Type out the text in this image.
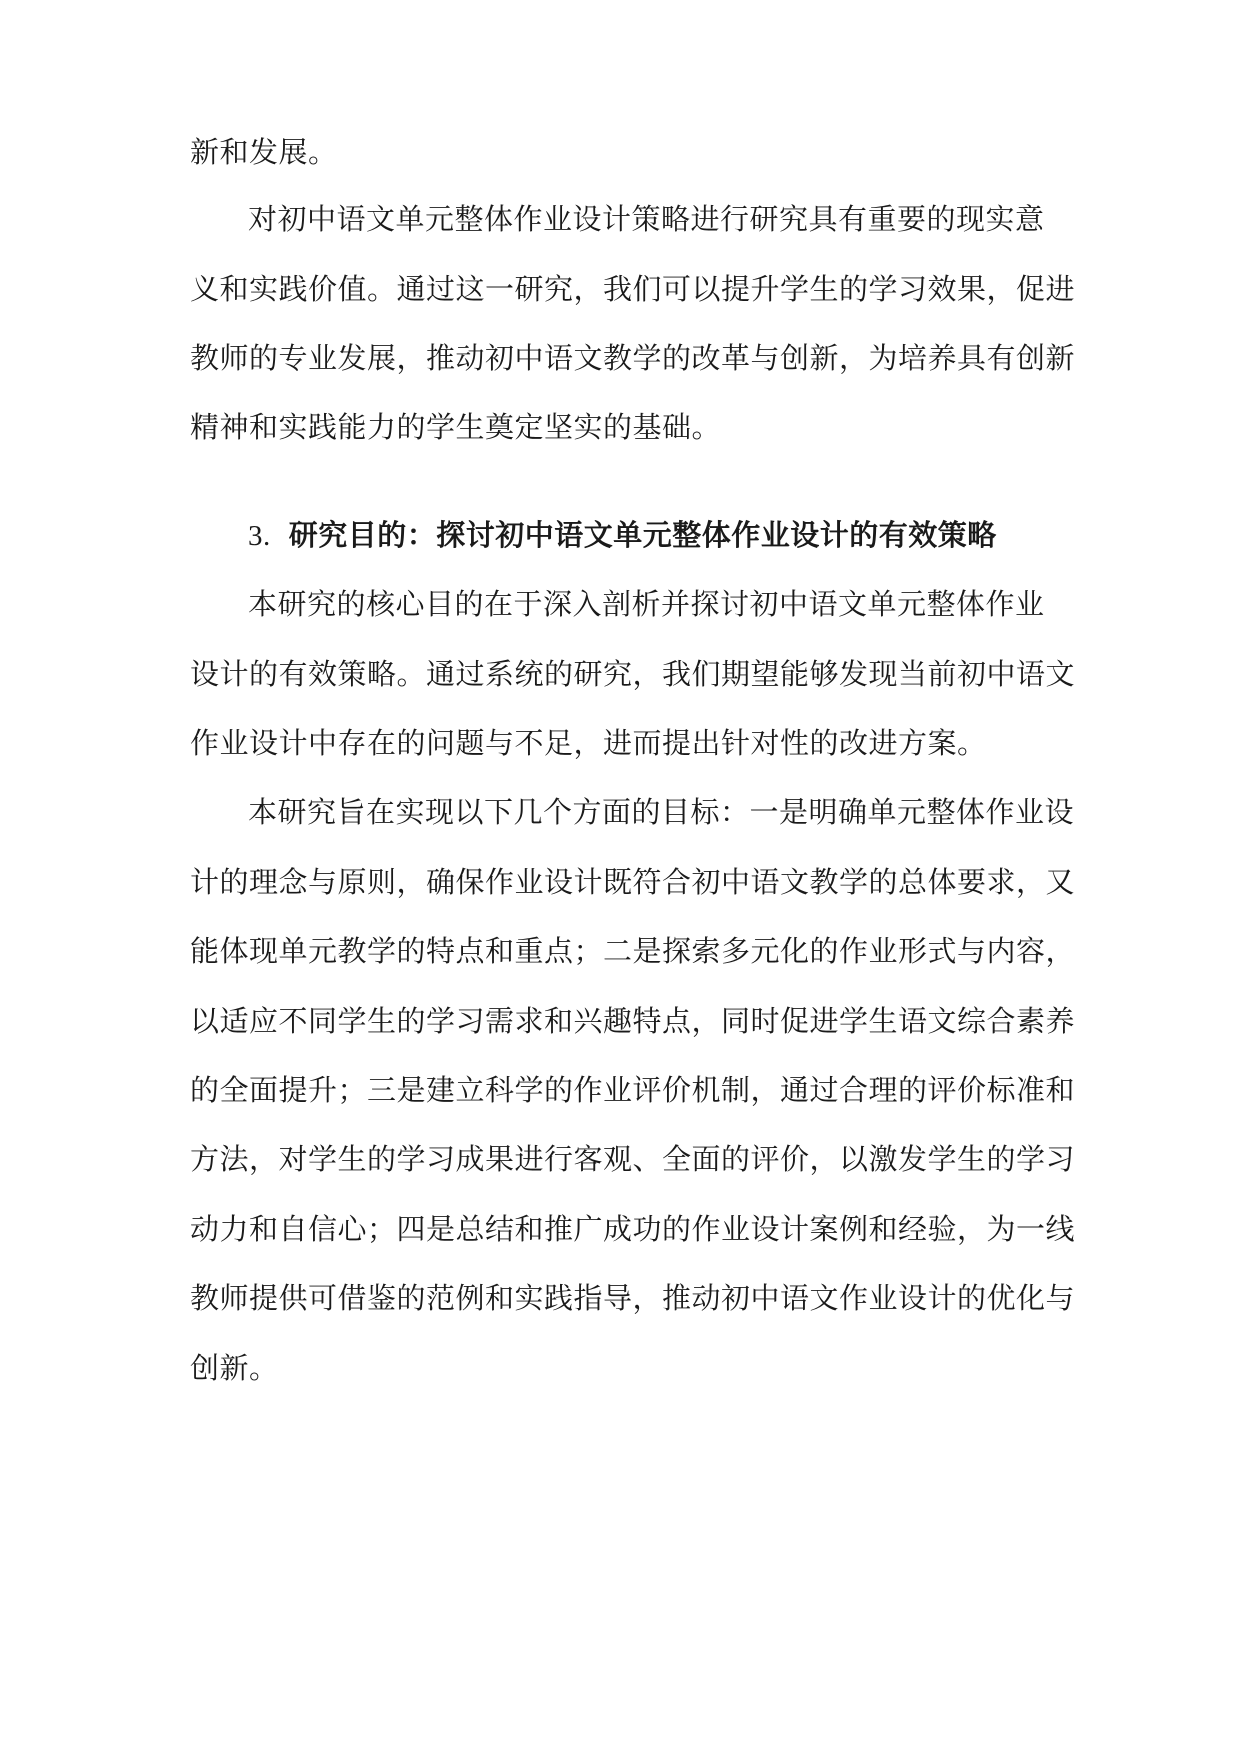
新和发展。
对初中语文单元整体作业设计策略进行研究具有重要的现实意
义和实践价值。通过这一研究，我们可以提升学生的学习效果，促进
教师的专业发展，推动初中语文教学的改革与创新，为培养具有创新
精神和实践能力的学生奠定坚实的基础。
3. 研究目的：探讨初中语文单元整体作业设计的有效策略
本研究的核心目的在于深入剖析并探讨初中语文单元整体作业
设计的有效策略。通过系统的研究，我们期望能够发现当前初中语文
作业设计中存在的问题与不足，进而提出针对性的改进方案。
本研究旨在实现以下几个方面的目标：一是明确单元整体作业设
计的理念与原则，确保作业设计既符合初中语文教学的总体要求，又
能体现单元教学的特点和重点；二是探索多元化的作业形式与内容，
以适应不同学生的学习需求和兴趣特点，同时促进学生语文综合素养
的全面提升；三是建立科学的作业评价机制，通过合理的评价标准和
方法，对学生的学习成果进行客观、全面的评价，以激发学生的学习
动力和自信心；四是总结和推广成功的作业设计案例和经验，为一线
教师提供可借鉴的范例和实践指导，推动初中语文作业设计的优化与
创新。
